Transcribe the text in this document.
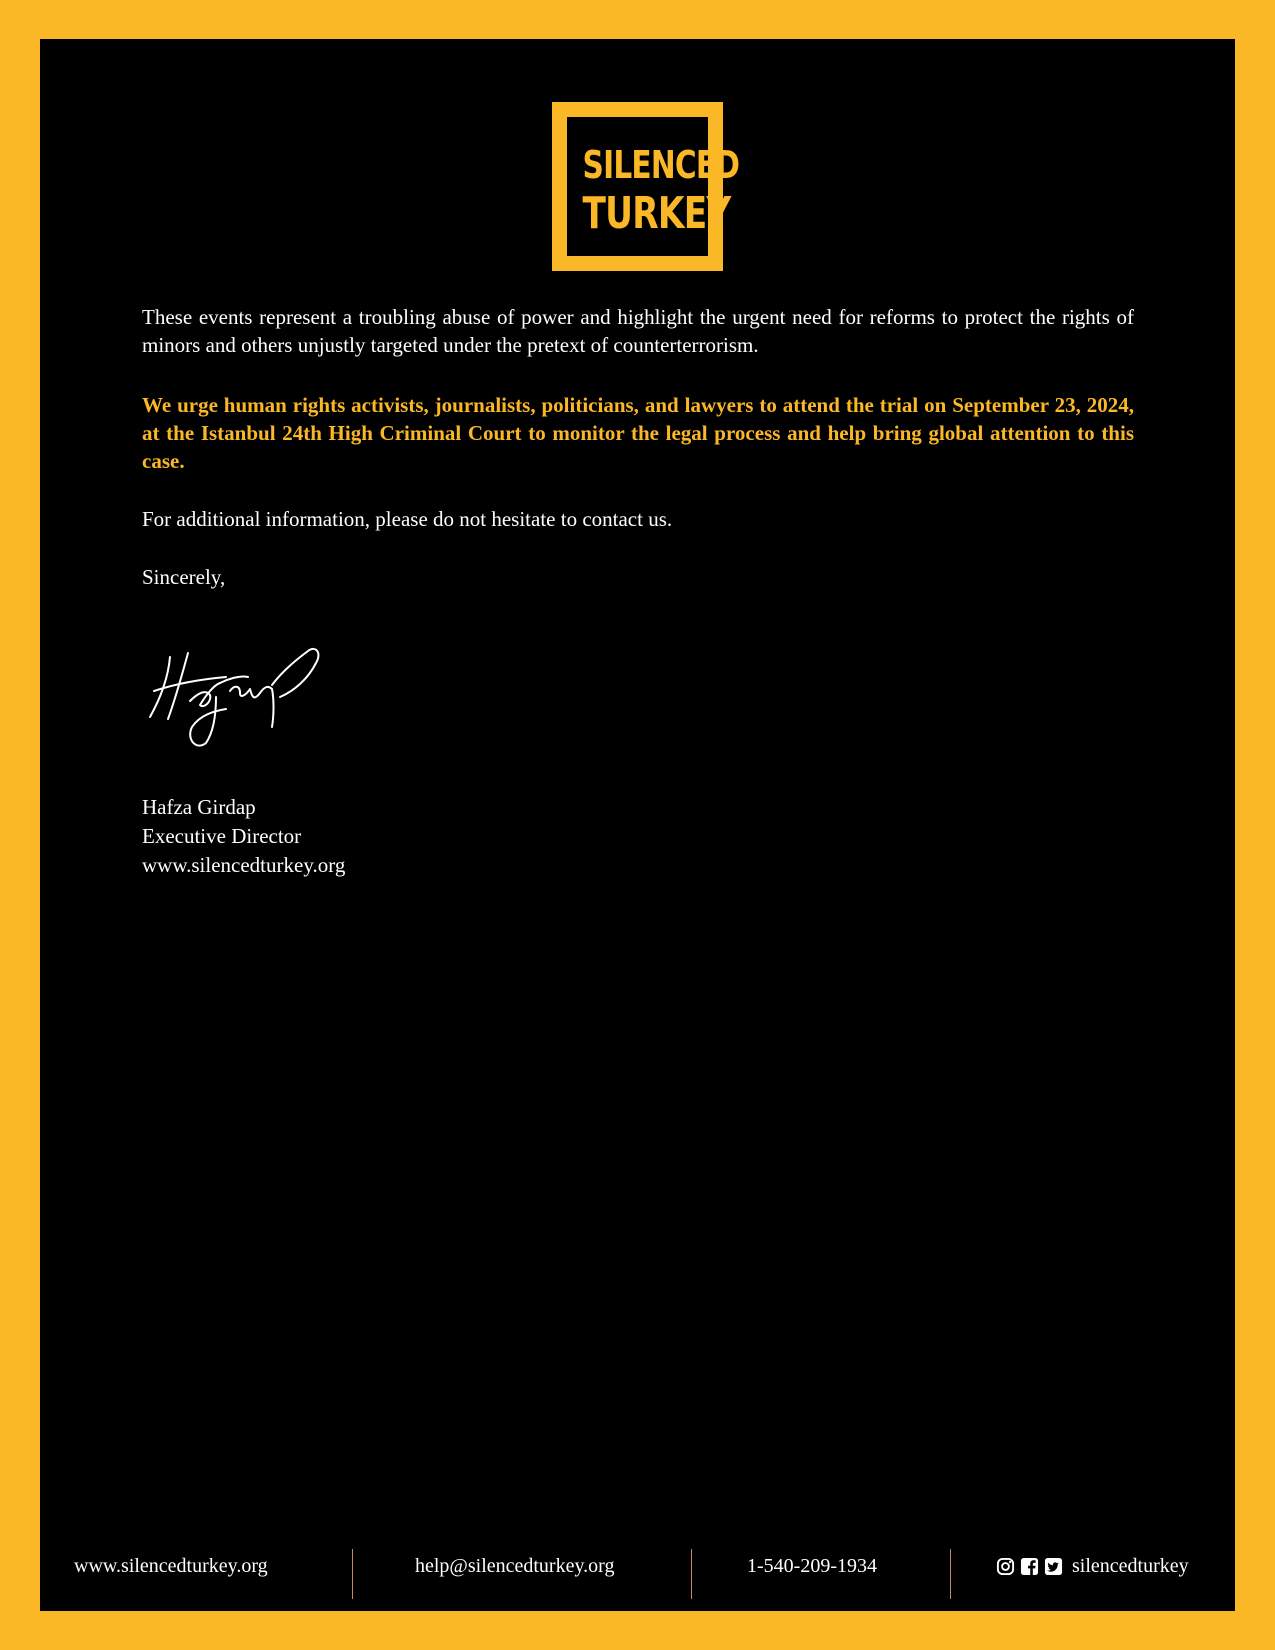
SILENCED
TURKEY

These events represent a troubling abuse of power and highlight the urgent need for reforms to protect the rights of minors and others unjustly targeted under the pretext of counterterrorism.

We urge human rights activists, journalists, politicians, and lawyers to attend the trial on September 23, 2024, at the Istanbul 24th High Criminal Court to monitor the legal process and help bring global attention to this case.

For additional information, please do not hesitate to contact us.

Sincerely,

Hafza Girdap
Executive Director
www.silencedturkey.org
www.silencedturkey.org	help@silencedturkey.org	1-540-209-1934	silencedturkey
